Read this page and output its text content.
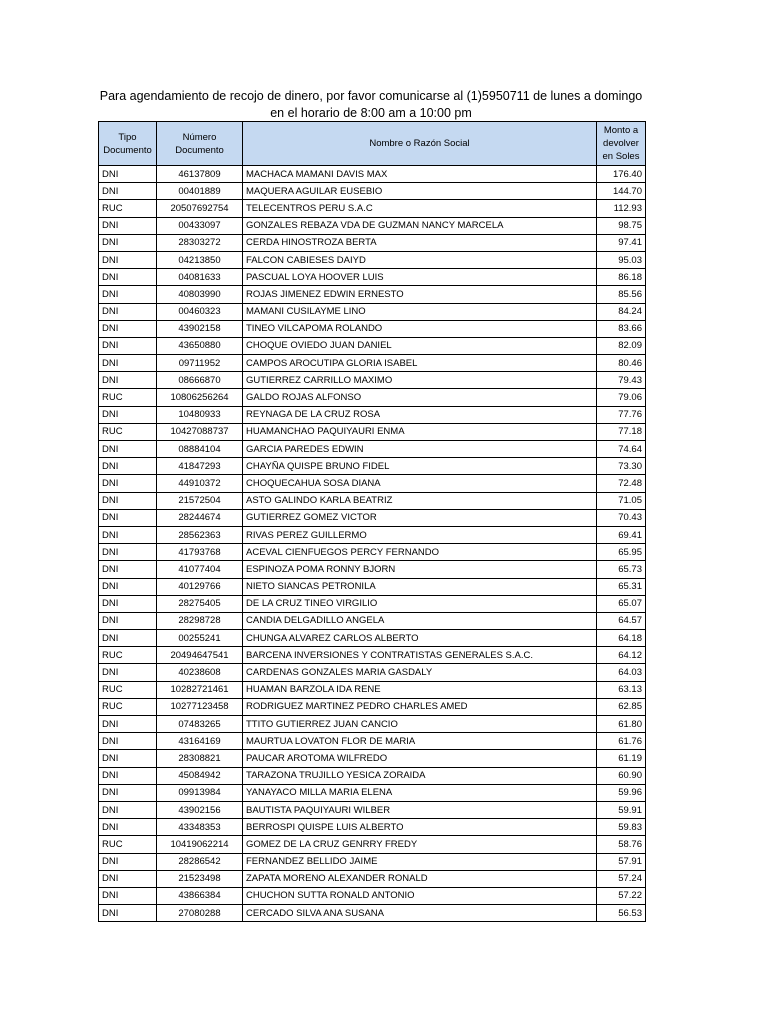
Para agendamiento de recojo de dinero, por favor comunicarse al (1)5950711 de lunes a domingo en el horario de 8:00 am a 10:00 pm
Tipo Documento	Número Documento	Nombre o Razón Social	Monto a devolver en Soles
DNI	46137809	MACHACA MAMANI DAVIS MAX	176.40
DNI	00401889	MAQUERA AGUILAR EUSEBIO	144.70
RUC	20507692754	TELECENTROS PERU S.A.C	112.93
DNI	00433097	GONZALES REBAZA VDA DE GUZMAN NANCY MARCELA	98.75
DNI	28303272	CERDA HINOSTROZA BERTA	97.41
DNI	04213850	FALCON CABIESES DAIYD	95.03
DNI	04081633	PASCUAL LOYA HOOVER LUIS	86.18
DNI	40803990	ROJAS JIMENEZ EDWIN ERNESTO	85.56
DNI	00460323	MAMANI CUSILAYME LINO	84.24
DNI	43902158	TINEO VILCAPOMA ROLANDO	83.66
DNI	43650880	CHOQUE OVIEDO JUAN DANIEL	82.09
DNI	09711952	CAMPOS AROCUTIPA GLORIA ISABEL	80.46
DNI	08666870	GUTIERREZ CARRILLO MAXIMO	79.43
RUC	10806256264	GALDO ROJAS ALFONSO	79.06
DNI	10480933	REYNAGA DE LA CRUZ ROSA	77.76
RUC	10427088737	HUAMANCHAO PAQUIYAURI ENMA	77.18
DNI	08884104	GARCIA PAREDES EDWIN	74.64
DNI	41847293	CHAYÑA QUISPE BRUNO FIDEL	73.30
DNI	44910372	CHOQUECAHUA SOSA DIANA	72.48
DNI	21572504	ASTO GALINDO KARLA BEATRIZ	71.05
DNI	28244674	GUTIERREZ GOMEZ VICTOR	70.43
DNI	28562363	RIVAS PEREZ GUILLERMO	69.41
DNI	41793768	ACEVAL CIENFUEGOS PERCY FERNANDO	65.95
DNI	41077404	ESPINOZA POMA RONNY BJORN	65.73
DNI	40129766	NIETO SIANCAS PETRONILA	65.31
DNI	28275405	DE LA CRUZ TINEO VIRGILIO	65.07
DNI	28298728	CANDIA DELGADILLO ANGELA	64.57
DNI	00255241	CHUNGA ALVAREZ CARLOS ALBERTO	64.18
RUC	20494647541	BARCENA INVERSIONES Y CONTRATISTAS GENERALES S.A.C.	64.12
DNI	40238608	CARDENAS GONZALES MARIA GASDALY	64.03
RUC	10282721461	HUAMAN BARZOLA IDA RENE	63.13
RUC	10277123458	RODRIGUEZ MARTINEZ PEDRO CHARLES AMED	62.85
DNI	07483265	TTITO GUTIERREZ JUAN CANCIO	61.80
DNI	43164169	MAURTUA LOVATON FLOR DE MARIA	61.76
DNI	28308821	PAUCAR AROTOMA WILFREDO	61.19
DNI	45084942	TARAZONA TRUJILLO YESICA ZORAIDA	60.90
DNI	09913984	YANAYACO MILLA MARIA ELENA	59.96
DNI	43902156	BAUTISTA PAQUIYAURI WILBER	59.91
DNI	43348353	BERROSPI QUISPE LUIS ALBERTO	59.83
RUC	10419062214	GOMEZ DE LA CRUZ GENRRY FREDY	58.76
DNI	28286542	FERNANDEZ BELLIDO JAIME	57.91
DNI	21523498	ZAPATA MORENO ALEXANDER RONALD	57.24
DNI	43866384	CHUCHON SUTTA RONALD ANTONIO	57.22
DNI	27080288	CERCADO SILVA ANA SUSANA	56.53
